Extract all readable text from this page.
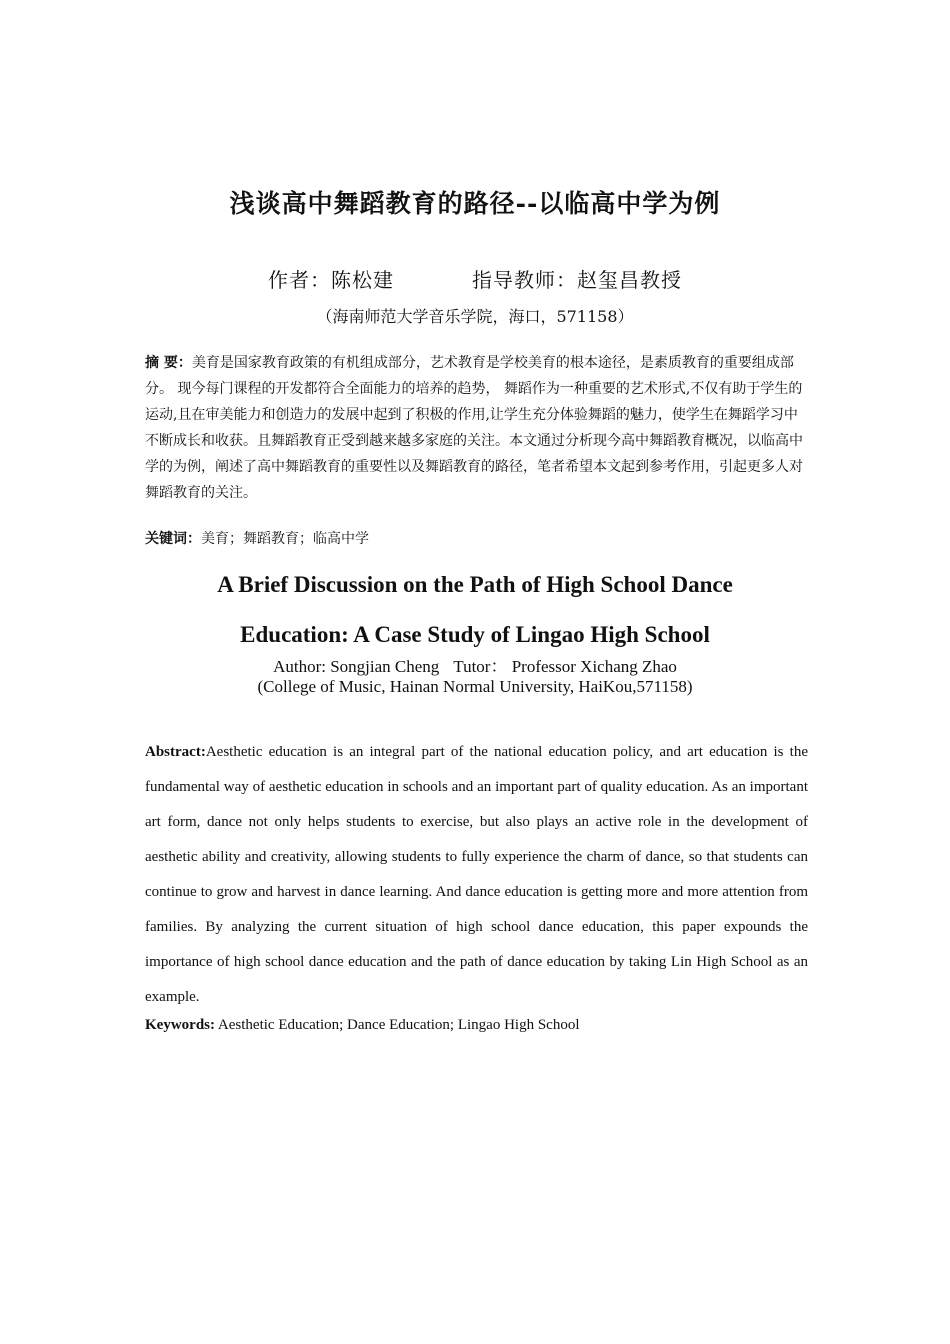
浅谈高中舞蹈教育的路径--以临高中学为例
作者：陈松建	指导教师：赵玺昌教授
（海南师范大学音乐学院，海口，571158）
摘 要：美育是国家教育政策的有机组成部分，艺术教育是学校美育的根本途径，是素质教育的重要组成部分。 现今每门课程的开发都符合全面能力的培养的趋势， 舞蹈作为一种重要的艺术形式,不仅有助于学生的运动,且在审美能力和创造力的发展中起到了积极的作用,让学生充分体验舞蹈的魅力，使学生在舞蹈学习中不断成长和收获。且舞蹈教育正受到越来越多家庭的关注。本文通过分析现今高中舞蹈教育概况，以临高中学的为例，阐述了高中舞蹈教育的重要性以及舞蹈教育的路径，笔者希望本文起到参考作用，引起更多人对舞蹈教育的关注。
关键词：美育；舞蹈教育；临高中学
A Brief Discussion on the Path of High School Dance
Education: A Case Study of Lingao High School
Author: Songjian Cheng Tutor： Professor Xichang Zhao
(College of Music, Hainan Normal University, HaiKou,571158)
Abstract:Aesthetic education is an integral part of the national education policy, and art education is the fundamental way of aesthetic education in schools and an important part of quality education. As an important art form, dance not only helps students to exercise, but also plays an active role in the development of aesthetic ability and creativity, allowing students to fully experience the charm of dance, so that students can continue to grow and harvest in dance learning. And dance education is getting more and more attention from families. By analyzing the current situation of high school dance education, this paper expounds the importance of high school dance education and the path of dance education by taking Lin High School as an example.
Keywords: Aesthetic Education; Dance Education; Lingao High School
